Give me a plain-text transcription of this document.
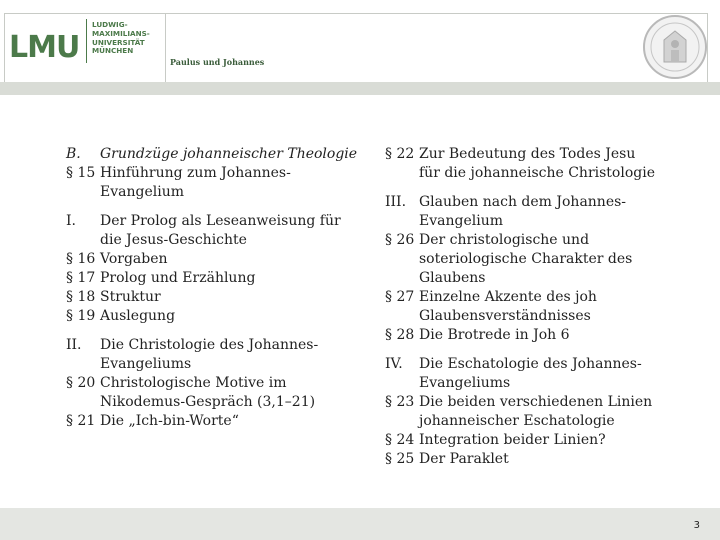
LMU
LUDWIG-
MAXIMILIANS-
UNIVERSITÄT
MÜNCHEN
Paulus und Johannes
B.	Grundzüge johanneischer Theologie
§ 15 Hinführung zum Johannes-Evangelium
I.	Der Prolog als Leseanweisung für die Jesus-Geschichte
§ 16 Vorgaben
§ 17 Prolog und Erzählung
§ 18 Struktur
§ 19 Auslegung
II.	Die Christologie des Johannes-Evangeliums
§ 20 Christologische Motive im Nikodemus-Gespräch (3,1–21)
§ 21 Die „Ich-bin-Worte“
§ 22 Zur Bedeutung des Todes Jesu für die johanneische Christologie
III. Glauben nach dem Johannes-Evangelium
§ 26 Der christologische und soteriologische Charakter des Glaubens
§ 27 Einzelne Akzente des joh Glaubensverständnisses
§ 28 Die Brotrede in Joh 6
IV.	Die Eschatologie des Johannes-Evangeliums
§ 23 Die beiden verschiedenen Linien johanneischer Eschatologie
§ 24 Integration beider Linien?
§ 25 Der Paraklet
3
